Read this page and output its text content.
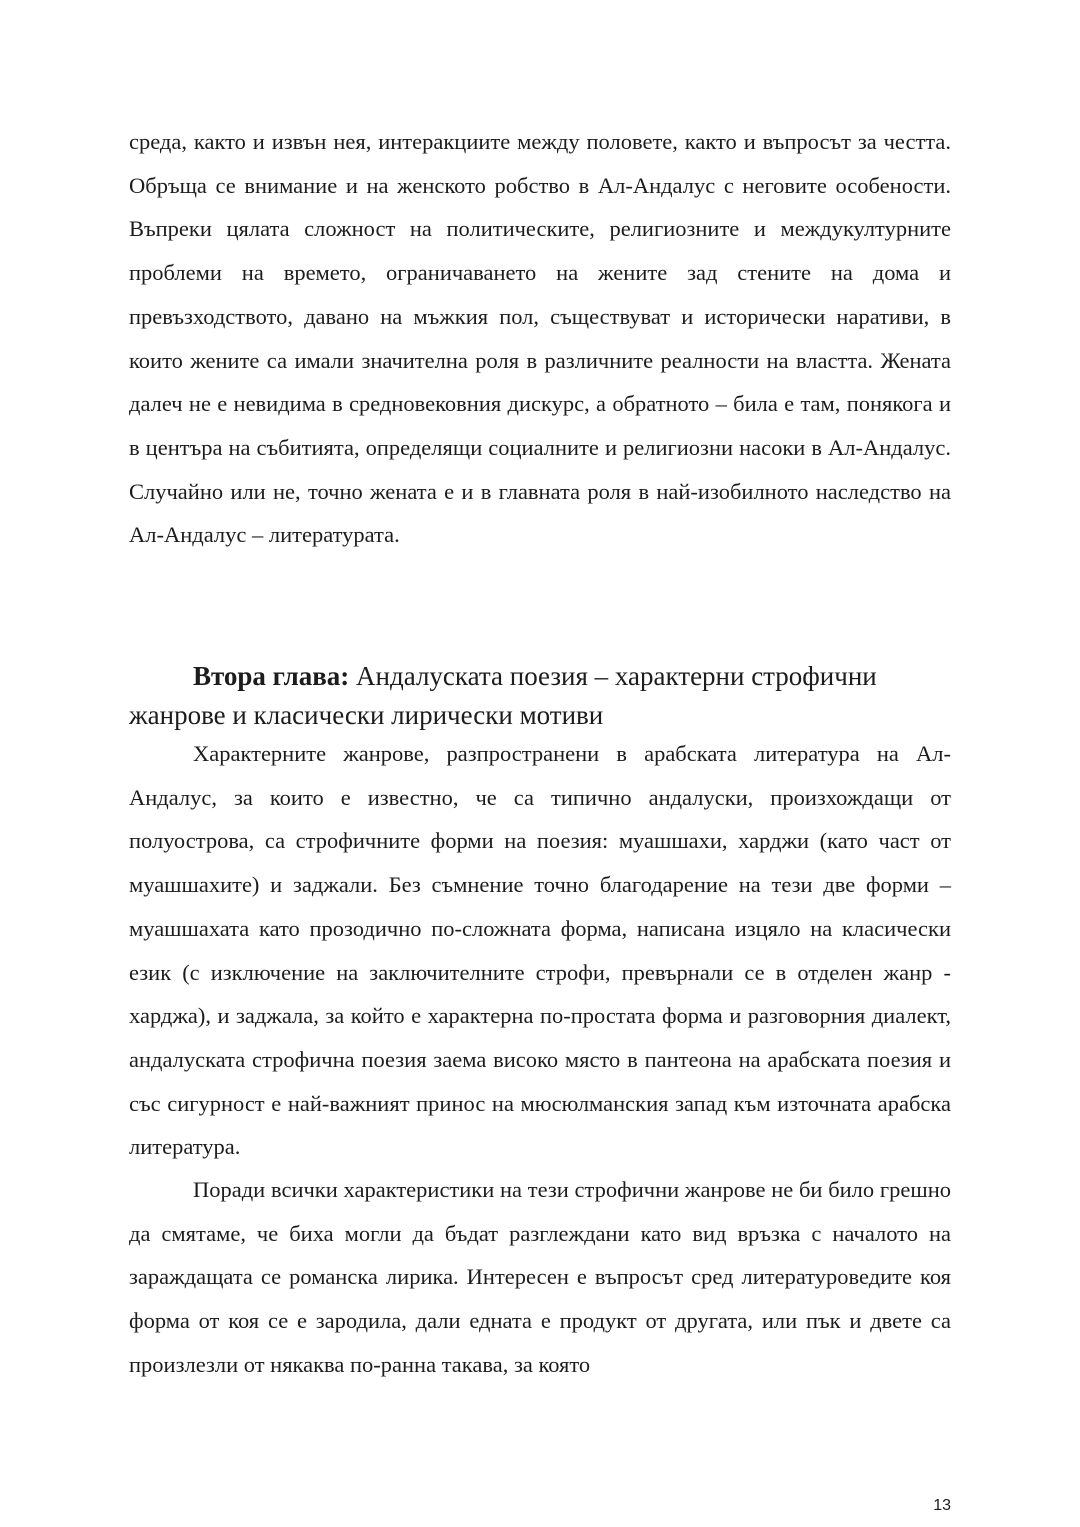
среда, както и извън нея, интеракциите между половете, както и въпросът за честта. Обръща се внимание и на женското робство в Ал-Андалус с неговите особености. Въпреки цялата сложност на политическите, религиозните и междукултурните проблеми на времето, ограничаването на жените зад стените на дома и превъзходството, давано на мъжкия пол, съществуват и исторически наративи, в които жените са имали значителна роля в различните реалности на властта. Жената далеч не е невидима в средновековния дискурс, а обратното – била е там, понякога и в центъра на събитията, определящи социалните и религиозни насоки в Ал-Андалус. Случайно или не, точно жената е и в главната роля в най-изобилното наследство на Ал-Андалус – литературата.

Втора глава: Андалуската поезия – характерни строфични
жанрове и класически лирически мотиви

Характерните жанрове, разпространени в арабската литература на Ал-Андалус, за които е известно, че са типично андалуски, произхождащи от полуострова, са строфичните форми на поезия: муашшахи, харджи (като част от муашшахите) и заджали. Без съмнение точно благодарение на тези две форми – муашшахата като прозодично по-сложната форма, написана изцяло на класически език (с изключение на заключителните строфи, превърнали се в отделен жанр - харджа), и заджала, за който е характерна по-простата форма и разговорния диалект, андалуската строфична поезия заема високо място в пантеона на арабската поезия и със сигурност е най-важният принос на мюсюлманския запад към източната арабска литература.

Поради всички характеристики на тези строфични жанрове не би било грешно да смятаме, че биха могли да бъдат разглеждани като вид връзка с началото на зараждащата се романска лирика. Интересен е въпросът сред литературоведите коя форма от коя се е зародила, дали едната е продукт от другата, или пък и двете са произлезли от някаква по-ранна такава, за която

13
